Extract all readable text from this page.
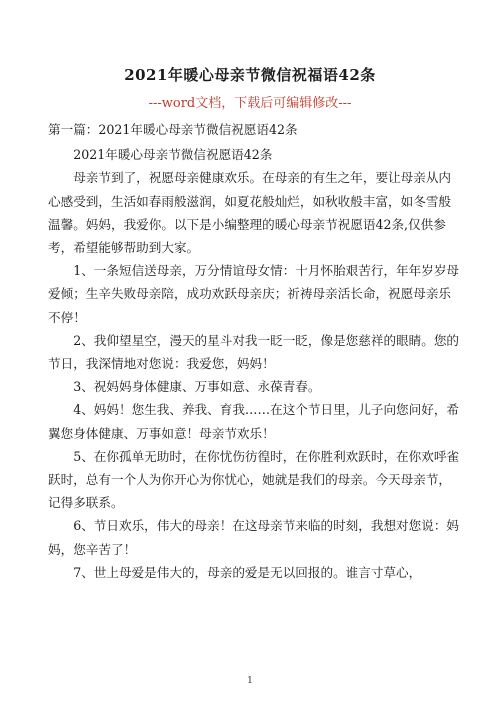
2021年暖心母亲节微信祝福语42条
---word文档，下载后可编辑修改---

第一篇：2021年暖心母亲节微信祝愿语42条

2021年暖心母亲节微信祝愿语42条

母亲节到了，祝愿母亲健康欢乐。在母亲的有生之年，要让母亲从内心感受到，生活如春雨般滋润，如夏花般灿烂，如秋收般丰富，如冬雪般温馨。妈妈，我爱你。以下是小编整理的暖心母亲节祝愿语42条,仅供参考，希望能够帮助到大家。

1、一条短信送母亲，万分情谊母女情：十月怀胎艰苦行，年年岁岁母爱倾；生辛失败母亲陪，成功欢跃母亲庆；祈祷母亲活长命，祝愿母亲乐不停！

2、我仰望星空，漫天的星斗对我一眨一眨，像是您慈祥的眼睛。您的节日，我深情地对您说：我爱您，妈妈！

3、祝妈妈身体健康、万事如意、永葆青春。

4、妈妈！您生我、养我、育我……在这个节日里，儿子向您问好，希翼您身体健康、万事如意！母亲节欢乐！

5、在你孤单无助时，在你忧伤彷徨时，在你胜利欢跃时，在你欢呼雀跃时，总有一个人为你开心为你忧心，她就是我们的母亲。今天母亲节，记得多联系。

6、节日欢乐，伟大的母亲！在这母亲节来临的时刻，我想对您说：妈妈，您辛苦了！

7、世上母爱是伟大的，母亲的爱是无以回报的。谁言寸草心，

1
